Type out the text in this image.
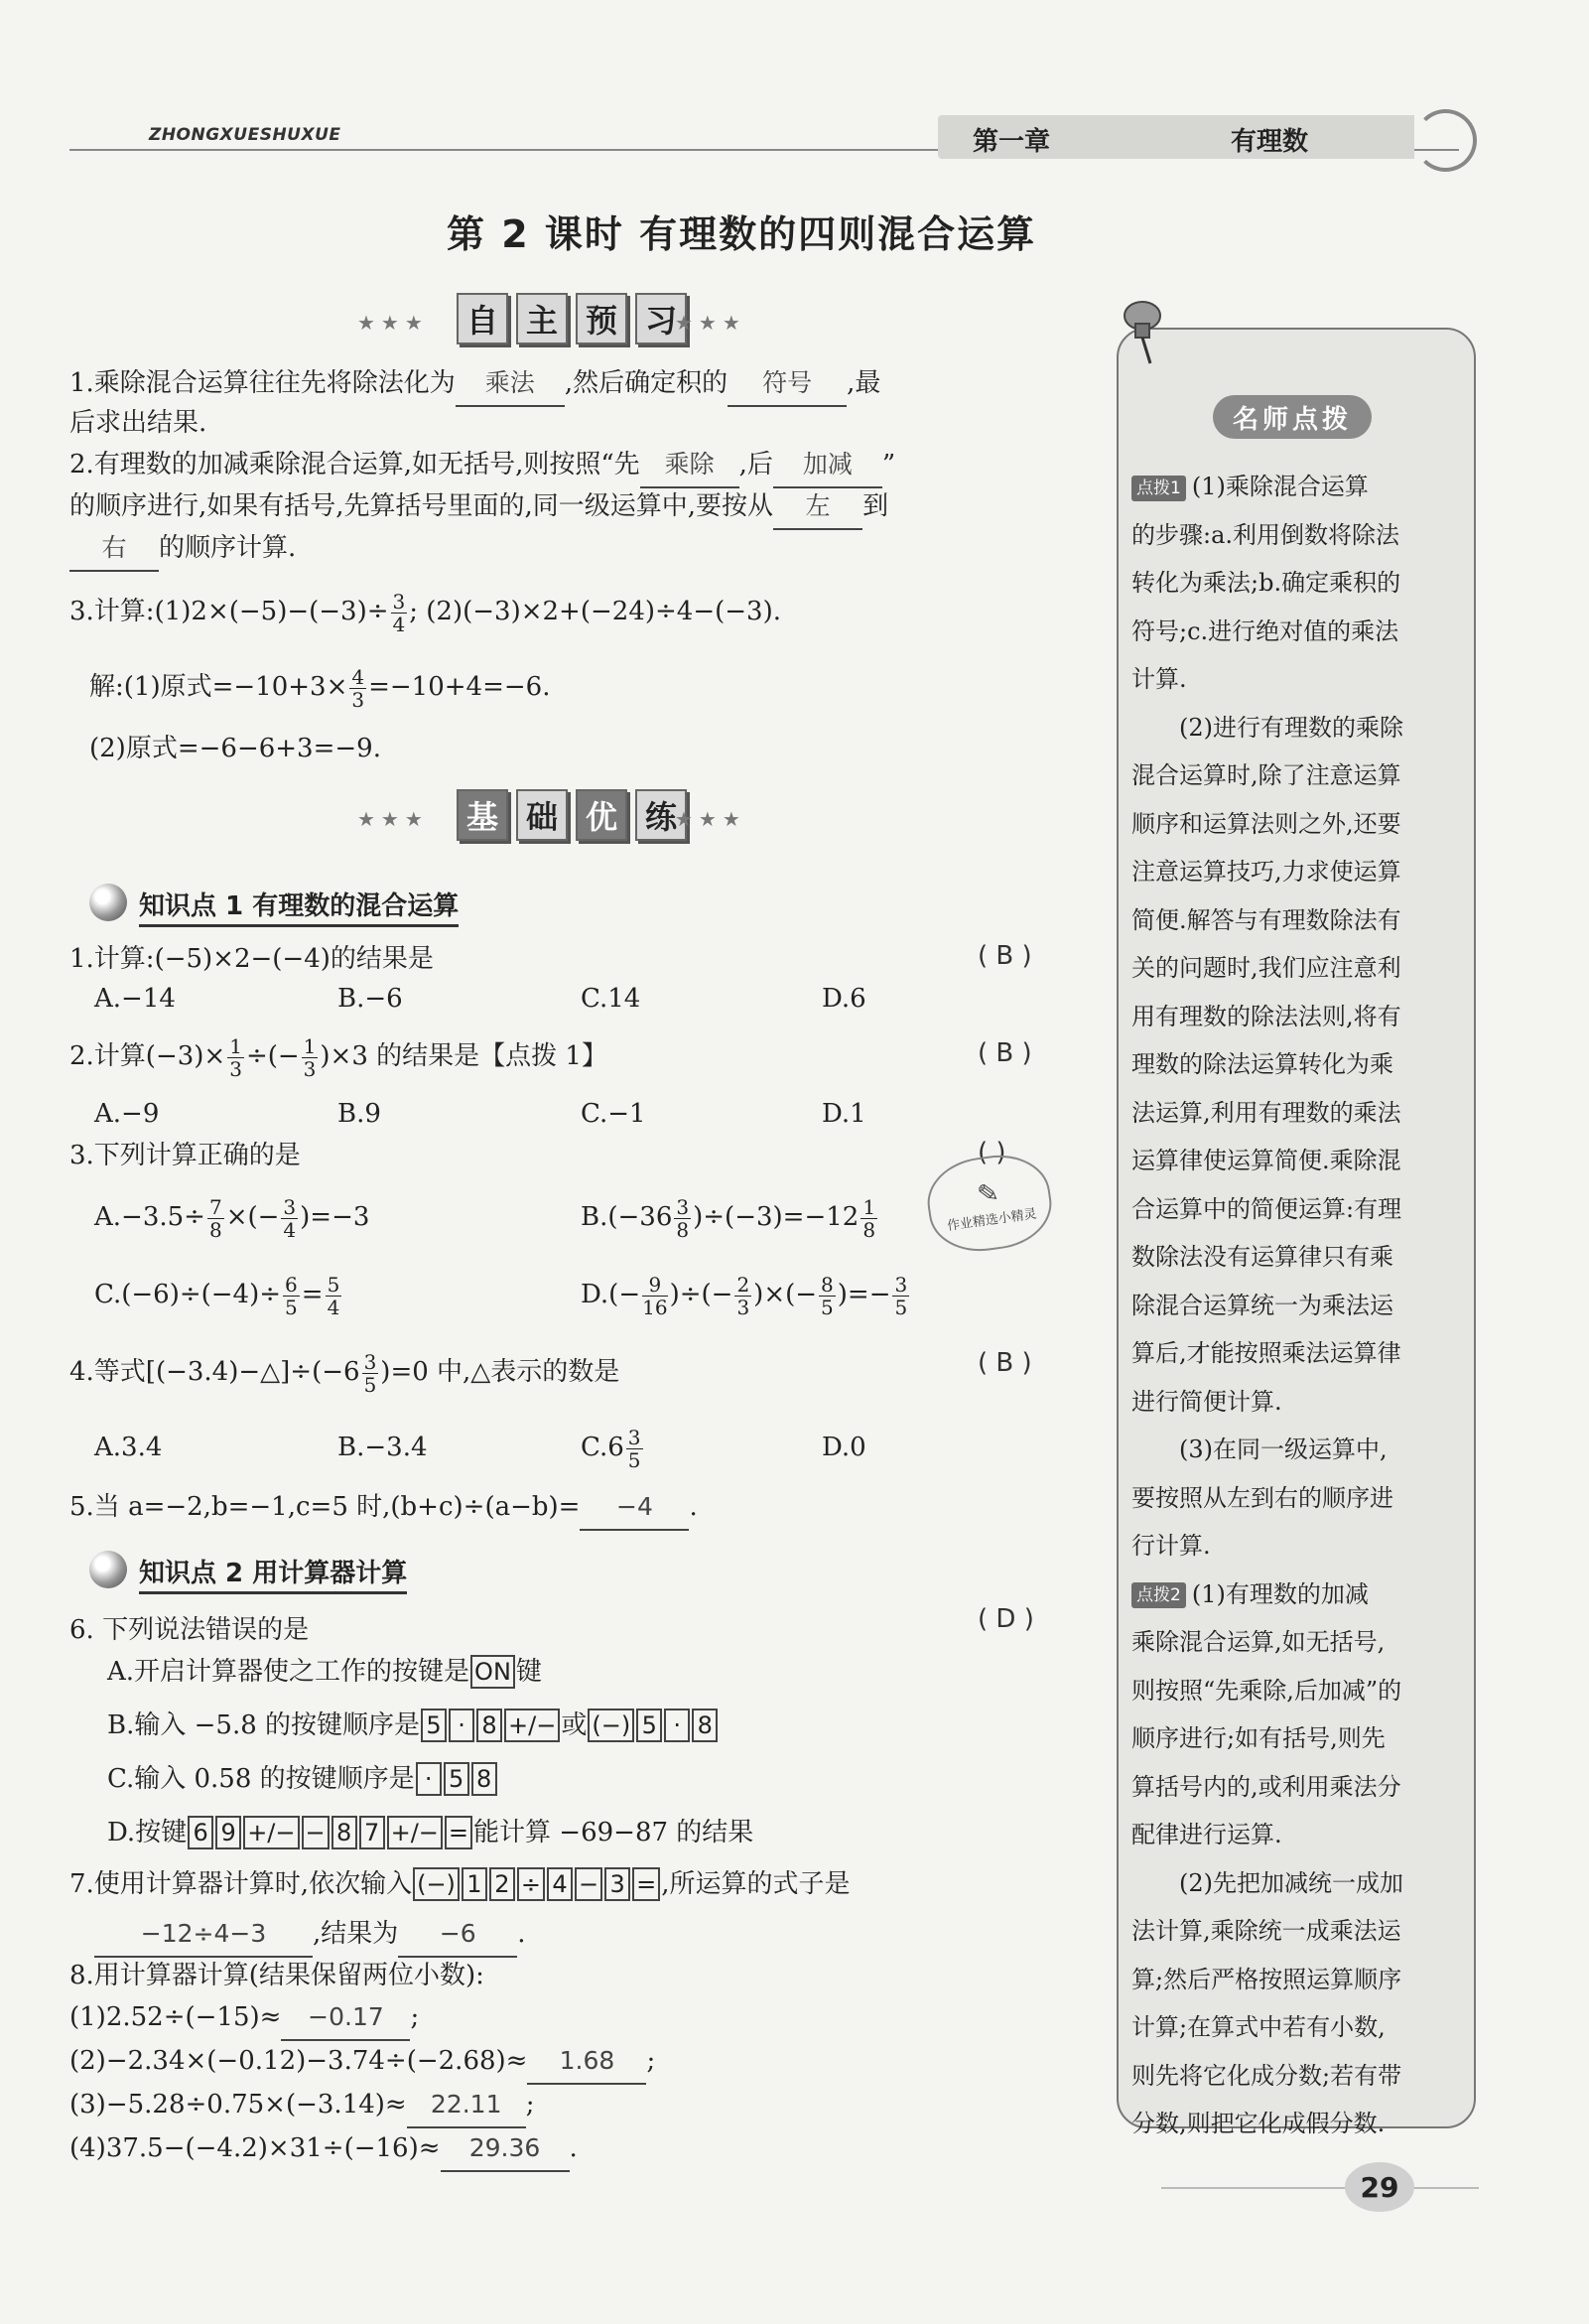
ZHONGXUESHUXUE	第一章	有理数
第 2 课时 有理数的四则混合运算
★★★	自 主 预 习
★★★
1.乘除混合运算往往先将除法化为 乘法 ,然后确定积的 符号 ,最
后求出结果.
2.有理数的加减乘除混合运算,如无括号,则按照“先 乘除 ,后 加减 ”
的顺序进行,如果有括号,先算括号里面的,同一级运算中,要按从 左 到
右 的顺序计算.
3.计算:(1)2×(−5)−(−3)÷ $\frac{3}{4}$ ; (2)(−3)×2+(−24)÷4−(−3).
解:(1)原式$=-10+3\times \frac{4}{3} =-10+4=-6$.
(2)原式=−6−6+3=−9.
★★★	基 础 优 练
★★★
知识点 1 有理数的混合运算
1.计算:(−5)×2−(−4)的结果是	( B )
A.−14	B.−6	C.14	D.6
2.计算$(-3)\times \frac{1}{3}$ ÷(− $\frac{1}{3} )\times 3$ 的结果是【点拨 1】	( B )
A.−9	B.9	C.−1	D.1
3.下列计算正确的是	( )
$A.-3.5\div \frac{7}{8}$ ×(− $\frac{3}{4} )=-3$	$B.(-36 \frac{3}{8} )\div(-3)=-12 \frac{1}{8}$
$C.(-6)\div(-4)\div \frac{6}{5} = \frac{5}{4}$	$D.(- \frac{9}{16}$ )÷(− $\frac{2}{3}$ )×(− $\frac{8}{5}$ )=− $\frac{3}{5}$
✎
作业精选小精灵
4.等式[(−3.4)−△]÷(−6 $\frac{3}{5} )=0$ 中,△表示的数是	( B )
A.3.4	B.−3.4	$C.6 \frac{3}{5}$	D.0
5.当 a=−2,b=−1,c=5 时,(b+c)÷(a−b)= −4 .
知识点 2 用计算器计算
6. 下列说法错误的是	( D )
A.开启计算器使之工作的按键是 ON 键
B.输入 −5.8 的按键顺序是 5 · 8 +/− 或 (−) 5 · 8
C.输入 0.58 的按键顺序是 · 5 8
D.按键 6 9 +/− − 8 7 +/− = 能计算 −69−87 的结果
7.使用计算器计算时,依次输入 (−) 1 2 ÷ 4 − 3 = ,所运算的式子是
−12÷4−3 ,结果为 −6 .
8.用计算器计算(结果保留两位小数):
(1)2.52÷(−15)≈ −0.17 ;
(2)−2.34×(−0.12)−3.74÷(−2.68)≈ 1.68 ;
(3)−5.28÷0.75×(−3.14)≈ 22.11 ;
(4)37.5−(−4.2)×31÷(−16)≈ 29.36 .
名师点拨
点拨1 (1)乘除混合运算
的步骤:a.利用倒数将除法
转化为乘法;b.确定乘积的
符号;c.进行绝对值的乘法
计算.
(2)进行有理数的乘除
混合运算时,除了注意运算
顺序和运算法则之外,还要
注意运算技巧,力求使运算
简便.解答与有理数除法有
关的问题时,我们应注意利
用有理数的除法法则,将有
理数的除法运算转化为乘
法运算,利用有理数的乘法
运算律使运算简便.乘除混
合运算中的简便运算:有理
数除法没有运算律只有乘
除混合运算统一为乘法运
算后,才能按照乘法运算律
进行简便计算.
(3)在同一级运算中,
要按照从左到右的顺序进
行计算.
点拨2 (1)有理数的加减
乘除混合运算,如无括号,
则按照“先乘除,后加减”的
顺序进行;如有括号,则先
算括号内的,或利用乘法分
配律进行运算.
(2)先把加减统一成加
法计算,乘除统一成乘法运
算;然后严格按照运算顺序
计算;在算式中若有小数,
则先将它化成分数;若有带
分数,则把它化成假分数.
29
